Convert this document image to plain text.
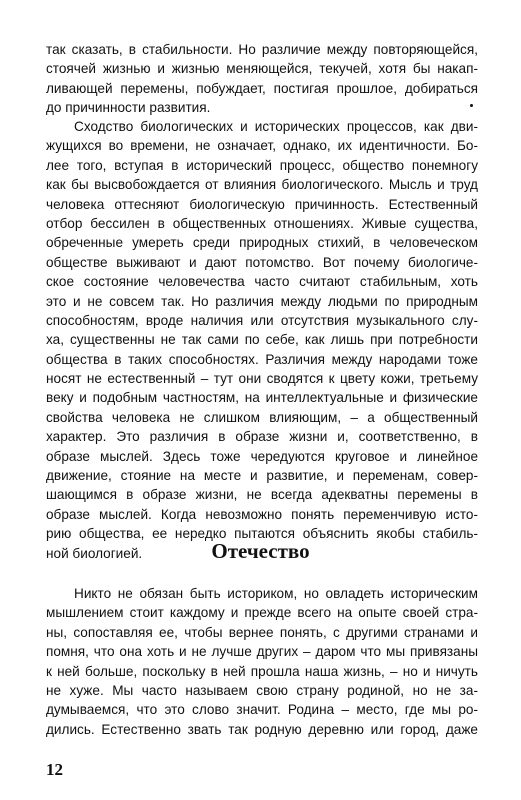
так сказать, в стабильности. Но различие между повторяющейся,
стоячей жизнью и жизнью меняющейся, текучей, хотя бы накап-
ливающей перемены, побуждает, постигая прошлое, добираться
до причинности развития.
Сходство биологических и исторических процессов, как дви-
жущихся во времени, не означает, однако, их идентичности. Бо-
лее того, вступая в исторический процесс, общество понемногу
как бы высвобождается от влияния биологического. Мысль и труд
человека оттесняют биологическую причинность. Естественный
отбор бессилен в общественных отношениях. Живые существа,
обреченные умереть среди природных стихий, в человеческом
обществе выживают и дают потомство. Вот почему биологиче-
ское состояние человечества часто считают стабильным, хоть
это и не совсем так. Но различия между людьми по природным
способностям, вроде наличия или отсутствия музыкального слу-
ха, существенны не так сами по себе, как лишь при потребности
общества в таких способностях. Различия между народами тоже
носят не естественный – тут они сводятся к цвету кожи, третьему
веку и подобным частностям, на интеллектуальные и физические
свойства человека не слишком влияющим, – а общественный
характер. Это различия в образе жизни и, соответственно, в
образе мыслей. Здесь тоже чередуются круговое и линейное
движение, стояние на месте и развитие, и переменам, совер-
шающимся в образе жизни, не всегда адекватны перемены в
образе мыслей. Когда невозможно понять переменчивую исто-
рию общества, ее нередко пытаются объяснить якобы стабиль-
ной биологией.	Отечество
Никто не обязан быть историком, но овладеть историческим
мышлением стоит каждому и прежде всего на опыте своей стра-
ны, сопоставляя ее, чтобы вернее понять, с другими странами и
помня, что она хоть и не лучше других – даром что мы привязаны
к ней больше, поскольку в ней прошла наша жизнь, – но и ничуть
не хуже. Мы часто называем свою страну родиной, но не за-
думываемся, что это слово значит. Родина – место, где мы ро-
дились. Естественно звать так родную деревню или город, даже
12
